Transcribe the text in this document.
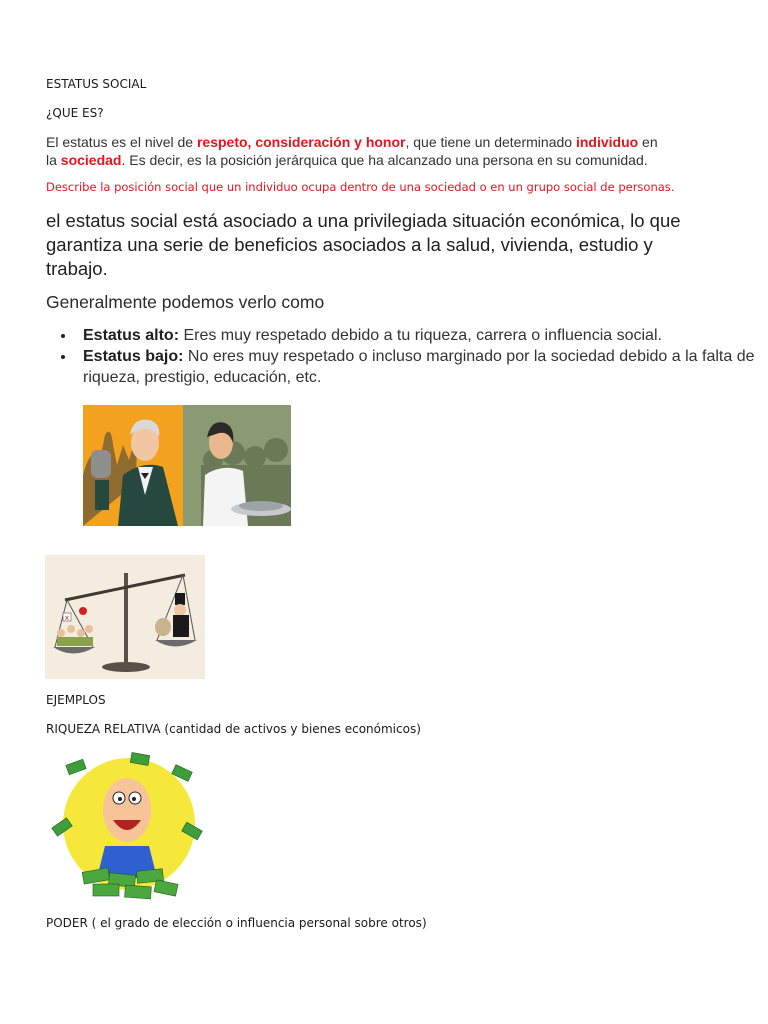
ESTATUS SOCIAL
¿QUE ES?
El estatus es el nivel de respeto, consideración y honor, que tiene un determinado individuo en la sociedad. Es decir, es la posición jerárquica que ha alcanzado una persona en su comunidad.
Describe la posición social que un individuo ocupa dentro de una sociedad o en un grupo social de personas.
el estatus social está asociado a una privilegiada situación económica, lo que garantiza una serie de beneficios asociados a la salud, vivienda, estudio y trabajo.
Generalmente podemos verlo como
Estatus alto: Eres muy respetado debido a tu riqueza, carrera o influencia social.
Estatus bajo: No eres muy respetado o incluso marginado por la sociedad debido a la falta de riqueza, prestigio, educación, etc.
x
EJEMPLOS
RIQUEZA RELATIVA (cantidad de activos y bienes económicos)
PODER ( el grado de elección o influencia personal sobre otros)
